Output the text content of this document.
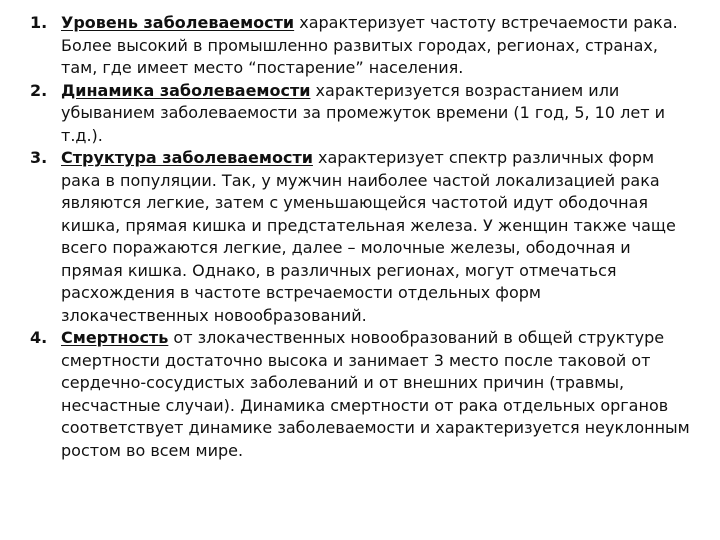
1. Уровень заболеваемости характеризует частоту встречаемости рака. Более высокий в промышленно развитых городах, регионах, странах, там, где имеет место “постарение” населения.
2. Динамика заболеваемости характеризуется возрастанием или убыванием заболеваемости за промежуток времени (1 год, 5, 10 лет и т.д.).
3. Структура заболеваемости характеризует спектр различных форм рака в популяции. Так, у мужчин наиболее частой локализацией рака являются легкие, затем с уменьшающейся частотой идут ободочная кишка, прямая кишка и предстательная железа. У женщин также чаще всего поражаются легкие, далее – молочные железы, ободочная и прямая кишка. Однако, в различных регионах, могут отмечаться расхождения в частоте встречаемости отдельных форм злокачественных новообразований.
4. Смертность от злокачественных новообразований в общей структуре смертности достаточно высока и занимает 3 место после таковой от сердечно-сосудистых заболеваний и от внешних причин (травмы, несчастные случаи). Динамика смертности от рака отдельных органов соответствует динамике заболеваемости и характеризуется неуклонным ростом во всем мире.
